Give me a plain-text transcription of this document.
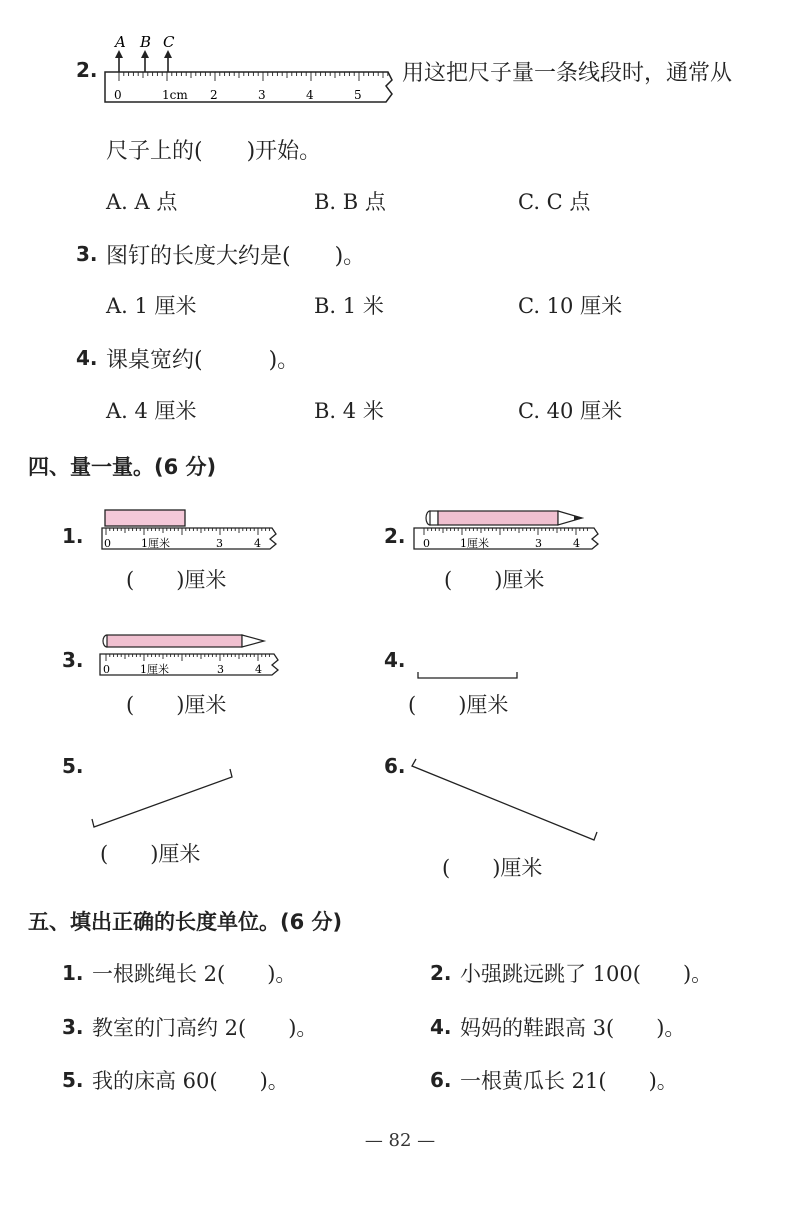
2.
A B C
0	1cm 2	3	4	5
用这把尺子量一条线段时，通常从
尺子上的(　　)开始。
A. A 点	B. B 点	C. C 点
3. 图钉的长度大约是(　　)。
A. 1 厘米	B. 1 米	C. 10 厘米
4. 课桌宽约(　　　)。
A. 4 厘米	B. 4 米	C. 40 厘米
四、量一量。(6 分)
1. 0	1厘米	3	4
(　　)厘米
2. 0	1厘米	3	4
(　　)厘米
3. 0	1厘米	3	4
(　　)厘米
4.
(　　)厘米
5.
(　　)厘米
6.
(　　)厘米
五、填出正确的长度单位。(6 分)
1. 一根跳绳长 2(　　)。	2. 小强跳远跳了 100(　　)。
3. 教室的门高约 2(　　)。	4. 妈妈的鞋跟高 3(　　)。
5. 我的床高 60(　　)。	6. 一根黄瓜长 21(　　)。
— 82 —
